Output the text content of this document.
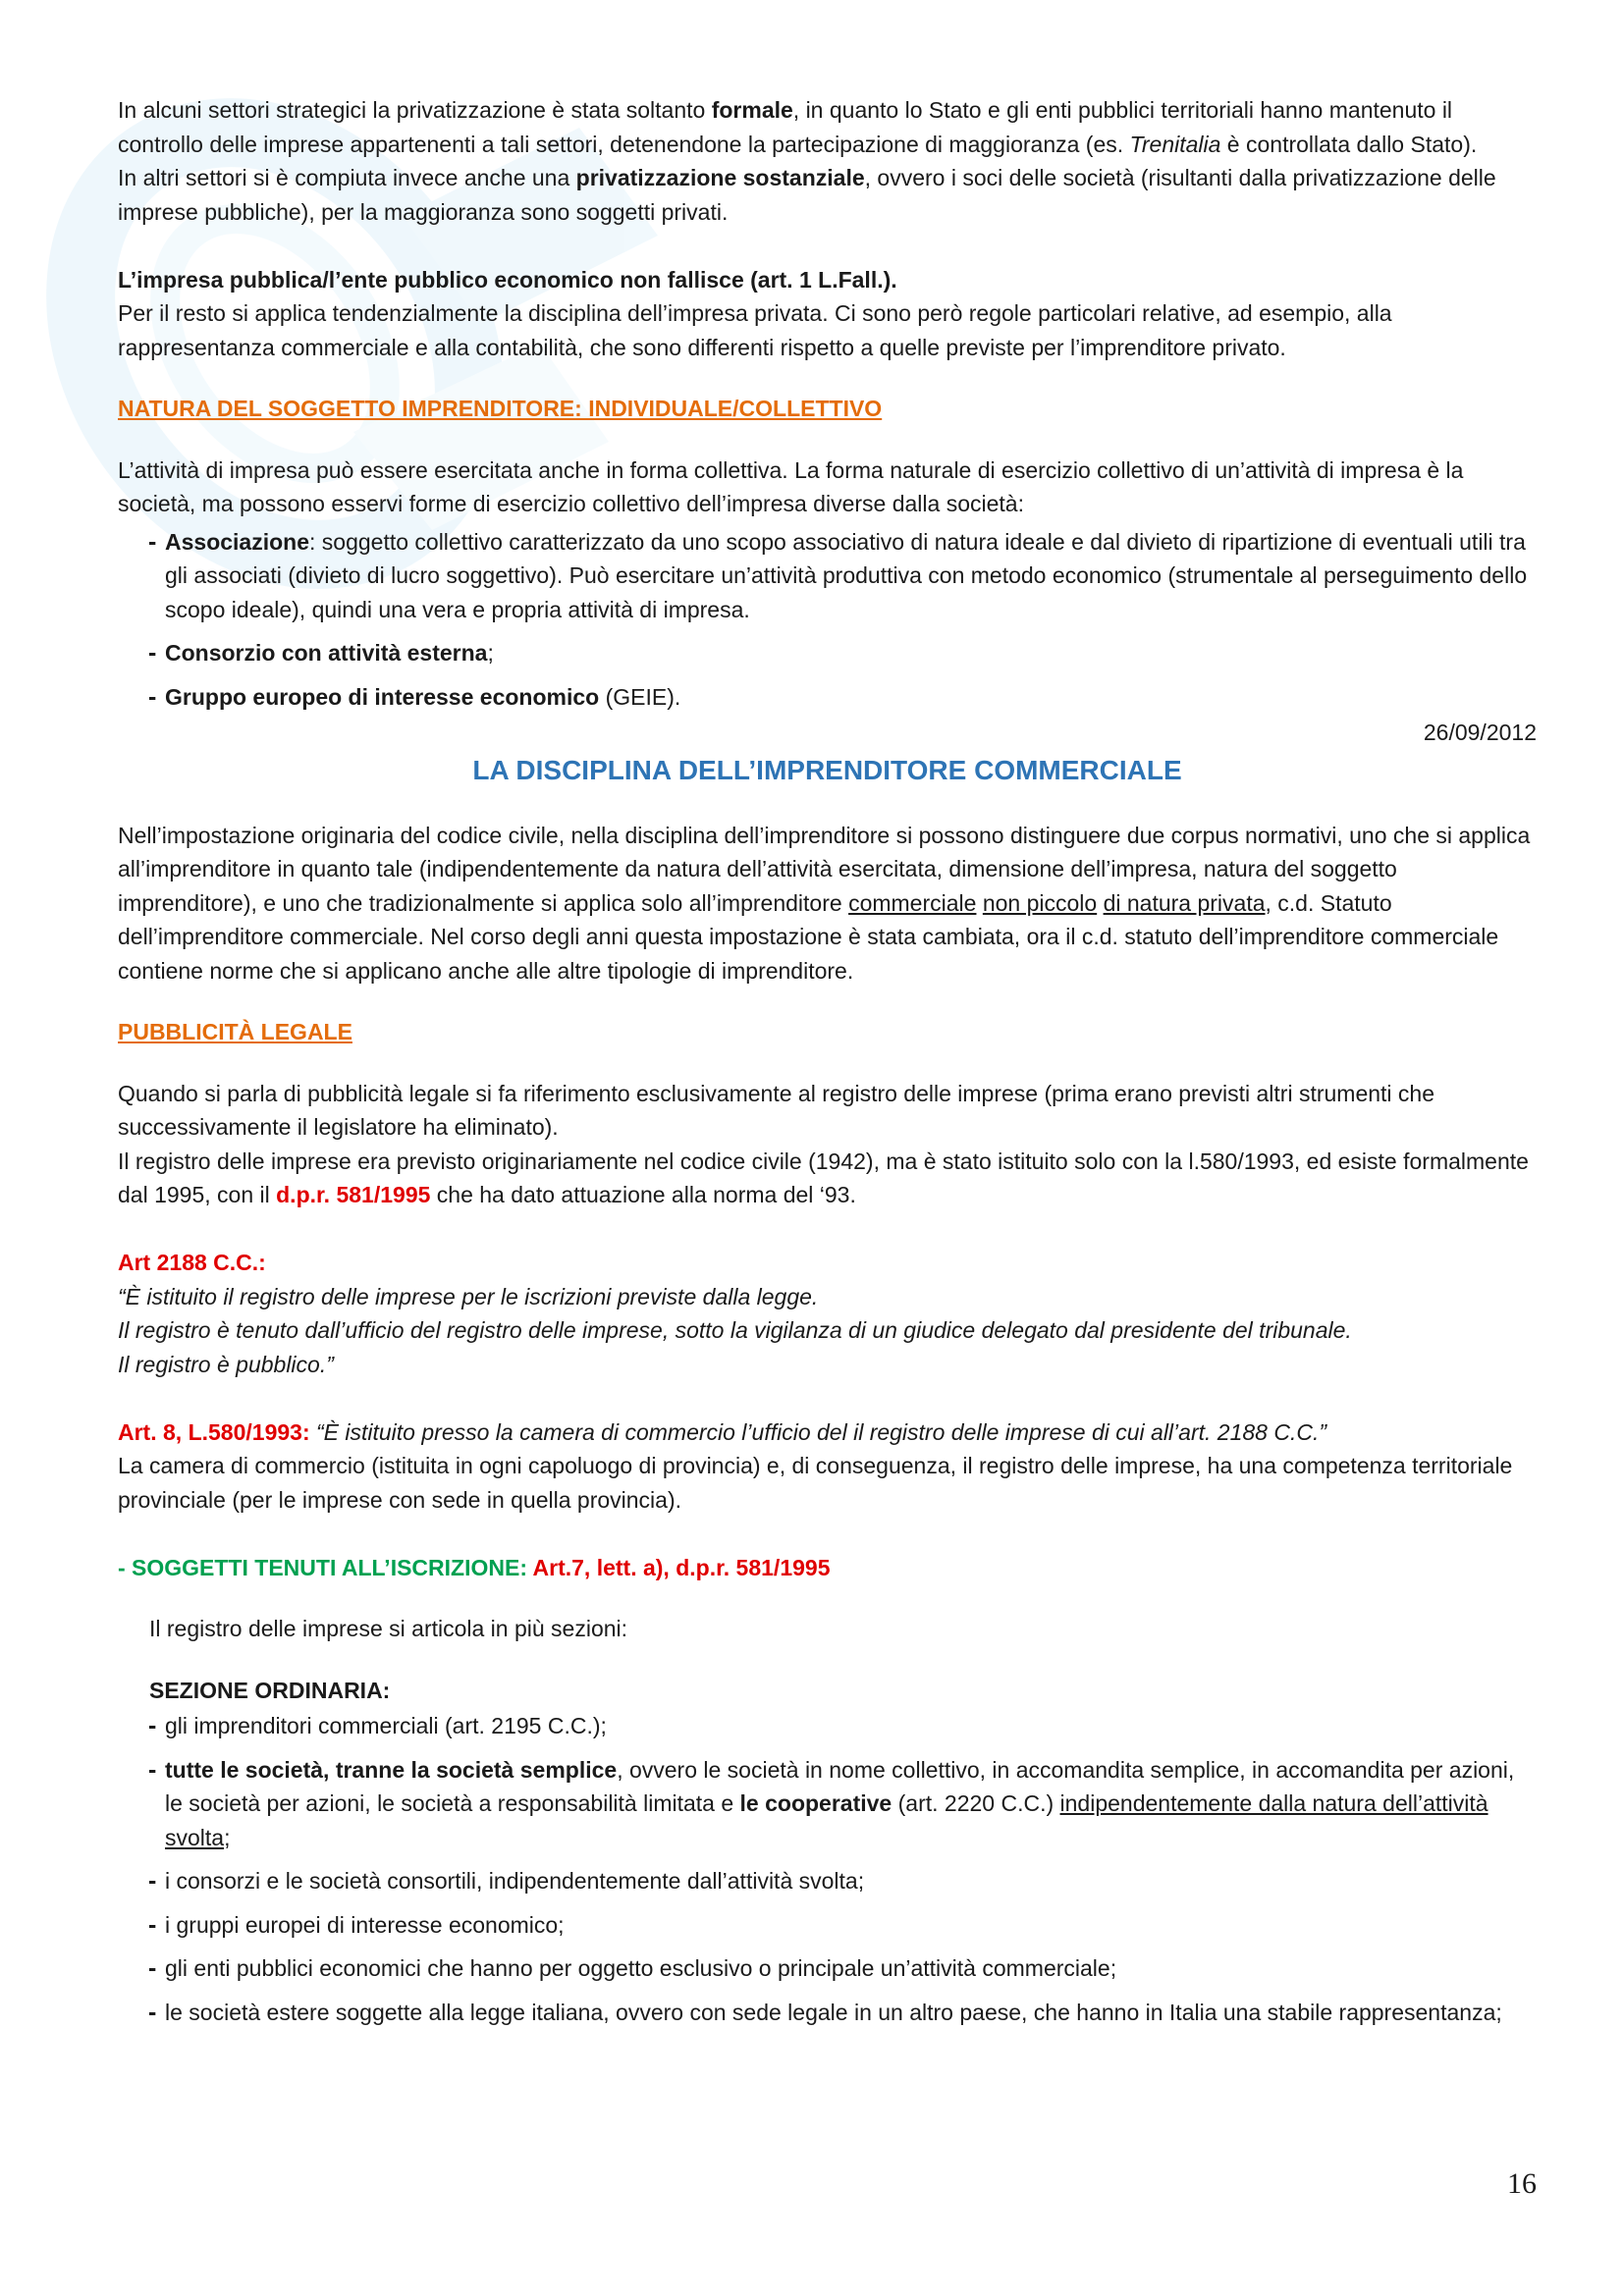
In alcuni settori strategici la privatizzazione è stata soltanto formale, in quanto lo Stato e gli enti pubblici territoriali hanno mantenuto il controllo delle imprese appartenenti a tali settori, detenendone la partecipazione di maggioranza (es. Trenitalia è controllata dallo Stato).

In altri settori si è compiuta invece anche una privatizzazione sostanziale, ovvero i soci delle società (risultanti dalla privatizzazione delle imprese pubbliche), per la maggioranza sono soggetti privati.

L’impresa pubblica/l’ente pubblico economico non fallisce (art. 1 L.Fall.).

Per il resto si applica tendenzialmente la disciplina dell’impresa privata. Ci sono però regole particolari relative, ad esempio, alla rappresentanza commerciale e alla contabilità, che sono differenti rispetto a quelle previste per l’imprenditore privato.

NATURA DEL SOGGETTO IMPRENDITORE: INDIVIDUALE/COLLETTIVO

L’attività di impresa può essere esercitata anche in forma collettiva. La forma naturale di esercizio collettivo di un’attività di impresa è la società, ma possono esservi forme di esercizio collettivo dell’impresa diverse dalla società:

- Associazione: soggetto collettivo caratterizzato da uno scopo associativo di natura ideale e dal divieto di ripartizione di eventuali utili tra gli associati (divieto di lucro soggettivo). Può esercitare un’attività produttiva con metodo economico (strumentale al perseguimento dello scopo ideale), quindi una vera e propria attività di impresa.
- Consorzio con attività esterna;
- Gruppo europeo di interesse economico (GEIE).

26/09/2012

LA DISCIPLINA DELL’IMPRENDITORE COMMERCIALE

Nell’impostazione originaria del codice civile, nella disciplina dell’imprenditore si possono distinguere due corpus normativi, uno che si applica all’imprenditore in quanto tale (indipendentemente da natura dell’attività esercitata, dimensione dell’impresa, natura del soggetto imprenditore), e uno che tradizionalmente si applica solo all’imprenditore commerciale non piccolo di natura privata, c.d. Statuto dell’imprenditore commerciale. Nel corso degli anni questa impostazione è stata cambiata, ora il c.d. statuto dell’imprenditore commerciale contiene norme che si applicano anche alle altre tipologie di imprenditore.

PUBBLICITÀ LEGALE

Quando si parla di pubblicità legale si fa riferimento esclusivamente al registro delle imprese (prima erano previsti altri strumenti che successivamente il legislatore ha eliminato).

Il registro delle imprese era previsto originariamente nel codice civile (1942), ma è stato istituito solo con la l.580/1993, ed esiste formalmente dal 1995, con il d.p.r. 581/1995 che ha dato attuazione alla norma del ‘93.

Art 2188 C.C.:

“È istituito il registro delle imprese per le iscrizioni previste dalla legge.

Il registro è tenuto dall’ufficio del registro delle imprese, sotto la vigilanza di un giudice delegato dal presidente del tribunale.

Il registro è pubblico.”

Art. 8, L.580/1993: “È istituito presso la camera di commercio l’ufficio del il registro delle imprese di cui all’art. 2188 C.C.”

La camera di commercio (istituita in ogni capoluogo di provincia) e, di conseguenza, il registro delle imprese, ha una competenza territoriale provinciale (per le imprese con sede in quella provincia).

- SOGGETTI TENUTI ALL’ISCRIZIONE: Art.7, lett. a), d.p.r. 581/1995

Il registro delle imprese si articola in più sezioni:

SEZIONE ORDINARIA:

- gli imprenditori commerciali (art. 2195 C.C.);
- tutte le società, tranne la società semplice, ovvero le società in nome collettivo, in accomandita semplice, in accomandita per azioni, le società per azioni, le società a responsabilità limitata e le cooperative (art. 2220 C.C.) indipendentemente dalla natura dell’attività svolta;
- i consorzi e le società consortili, indipendentemente dall’attività svolta;
- i gruppi europei di interesse economico;
- gli enti pubblici economici che hanno per oggetto esclusivo o principale un’attività commerciale;
- le società estere soggette alla legge italiana, ovvero con sede legale in un altro paese, che hanno in Italia una stabile rappresentanza;
16
